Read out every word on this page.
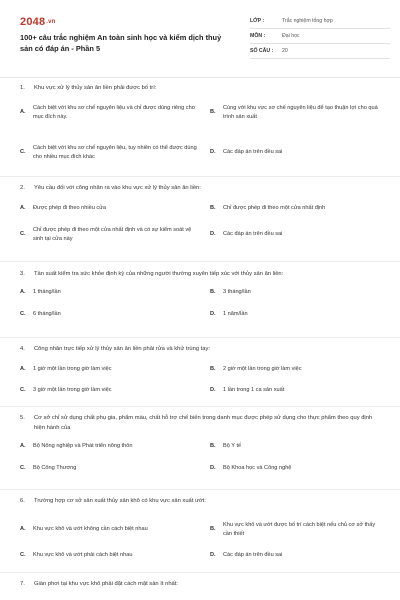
2048.vn
100+ câu trắc nghiệm An toàn sinh học và kiểm dịch thuỷ sản có đáp án - Phần 5
LỚP :	Trắc nghiệm tổng hợp
MÔN :	Đại học
SỐ CÂU :	20
1.	Khu vực xử lý thủy sản ăn liền phải được bố trí:
A.
Cách biệt với khu sơ chế nguyên liệu và chỉ được dùng riêng cho mục đích này.
B.
Cùng với khu vực sơ chế nguyên liệu để tạo thuận lợi cho quá trình sản xuất
C.
Cách biệt với khu sơ chế nguyên liệu, tuy nhiên có thể được dùng cho nhiều mục đích khác
D.	Các đáp án trên đều sai
2.	Yêu cầu đối với công nhân ra vào khu vực xử lý thủy sản ăn liền:
A.	Được phép đi theo nhiều cửa	B.	Chỉ được phép đi theo một cửa nhất định
C.
Chỉ được phép đi theo một cửa nhất định và có sự kiểm soát vệ sinh tại cửa này
D.	Các đáp án trên đều sai
3.	Tần suất kiểm tra sức khỏe định kỳ của những người thường xuyên tiếp xúc với thủy sản ăn liền:
A.	1 tháng/lần	B.	3 tháng/lần
C.	6 tháng/lần	D.	1 năm/lần
4.	Công nhân trực tiếp xử lý thủy sản ăn liền phải rửa và khử trùng tay:
A.	1 giờ một lần trong giờ làm việc	B.	2 giờ một lần trong giờ làm việc
C.	3 giờ một lần trong giờ làm việc	D.	1 lần trong 1 ca sản xuất
5.	Cơ sở chỉ sử dụng chất phụ gia, phẩm màu, chất hỗ trợ chế biến trong danh mục được phép sử dụng cho thực phẩm theo quy định hiện hành của
A.	Bộ Nông nghiệp và Phát triển nông thôn	B.	Bộ Y tế
C.	Bộ Công Thương	D.	Bộ Khoa học và Công nghệ
6.	Trường hợp cơ sở sản xuất thủy sản khô có khu vực sản xuất ướt:
A.	Khu vực khô và ướt không cần cách biệt nhau	B.
Khu vực khô và ướt được bố trí cách biệt nếu chủ cơ sở thấy cần thiết
C.	Khu vực khô và ướt phải cách biệt nhau	D.	Các đáp án trên đều sai
7.	Giàn phơi tại khu vực khô phải đặt cách mặt sàn ít nhất:
